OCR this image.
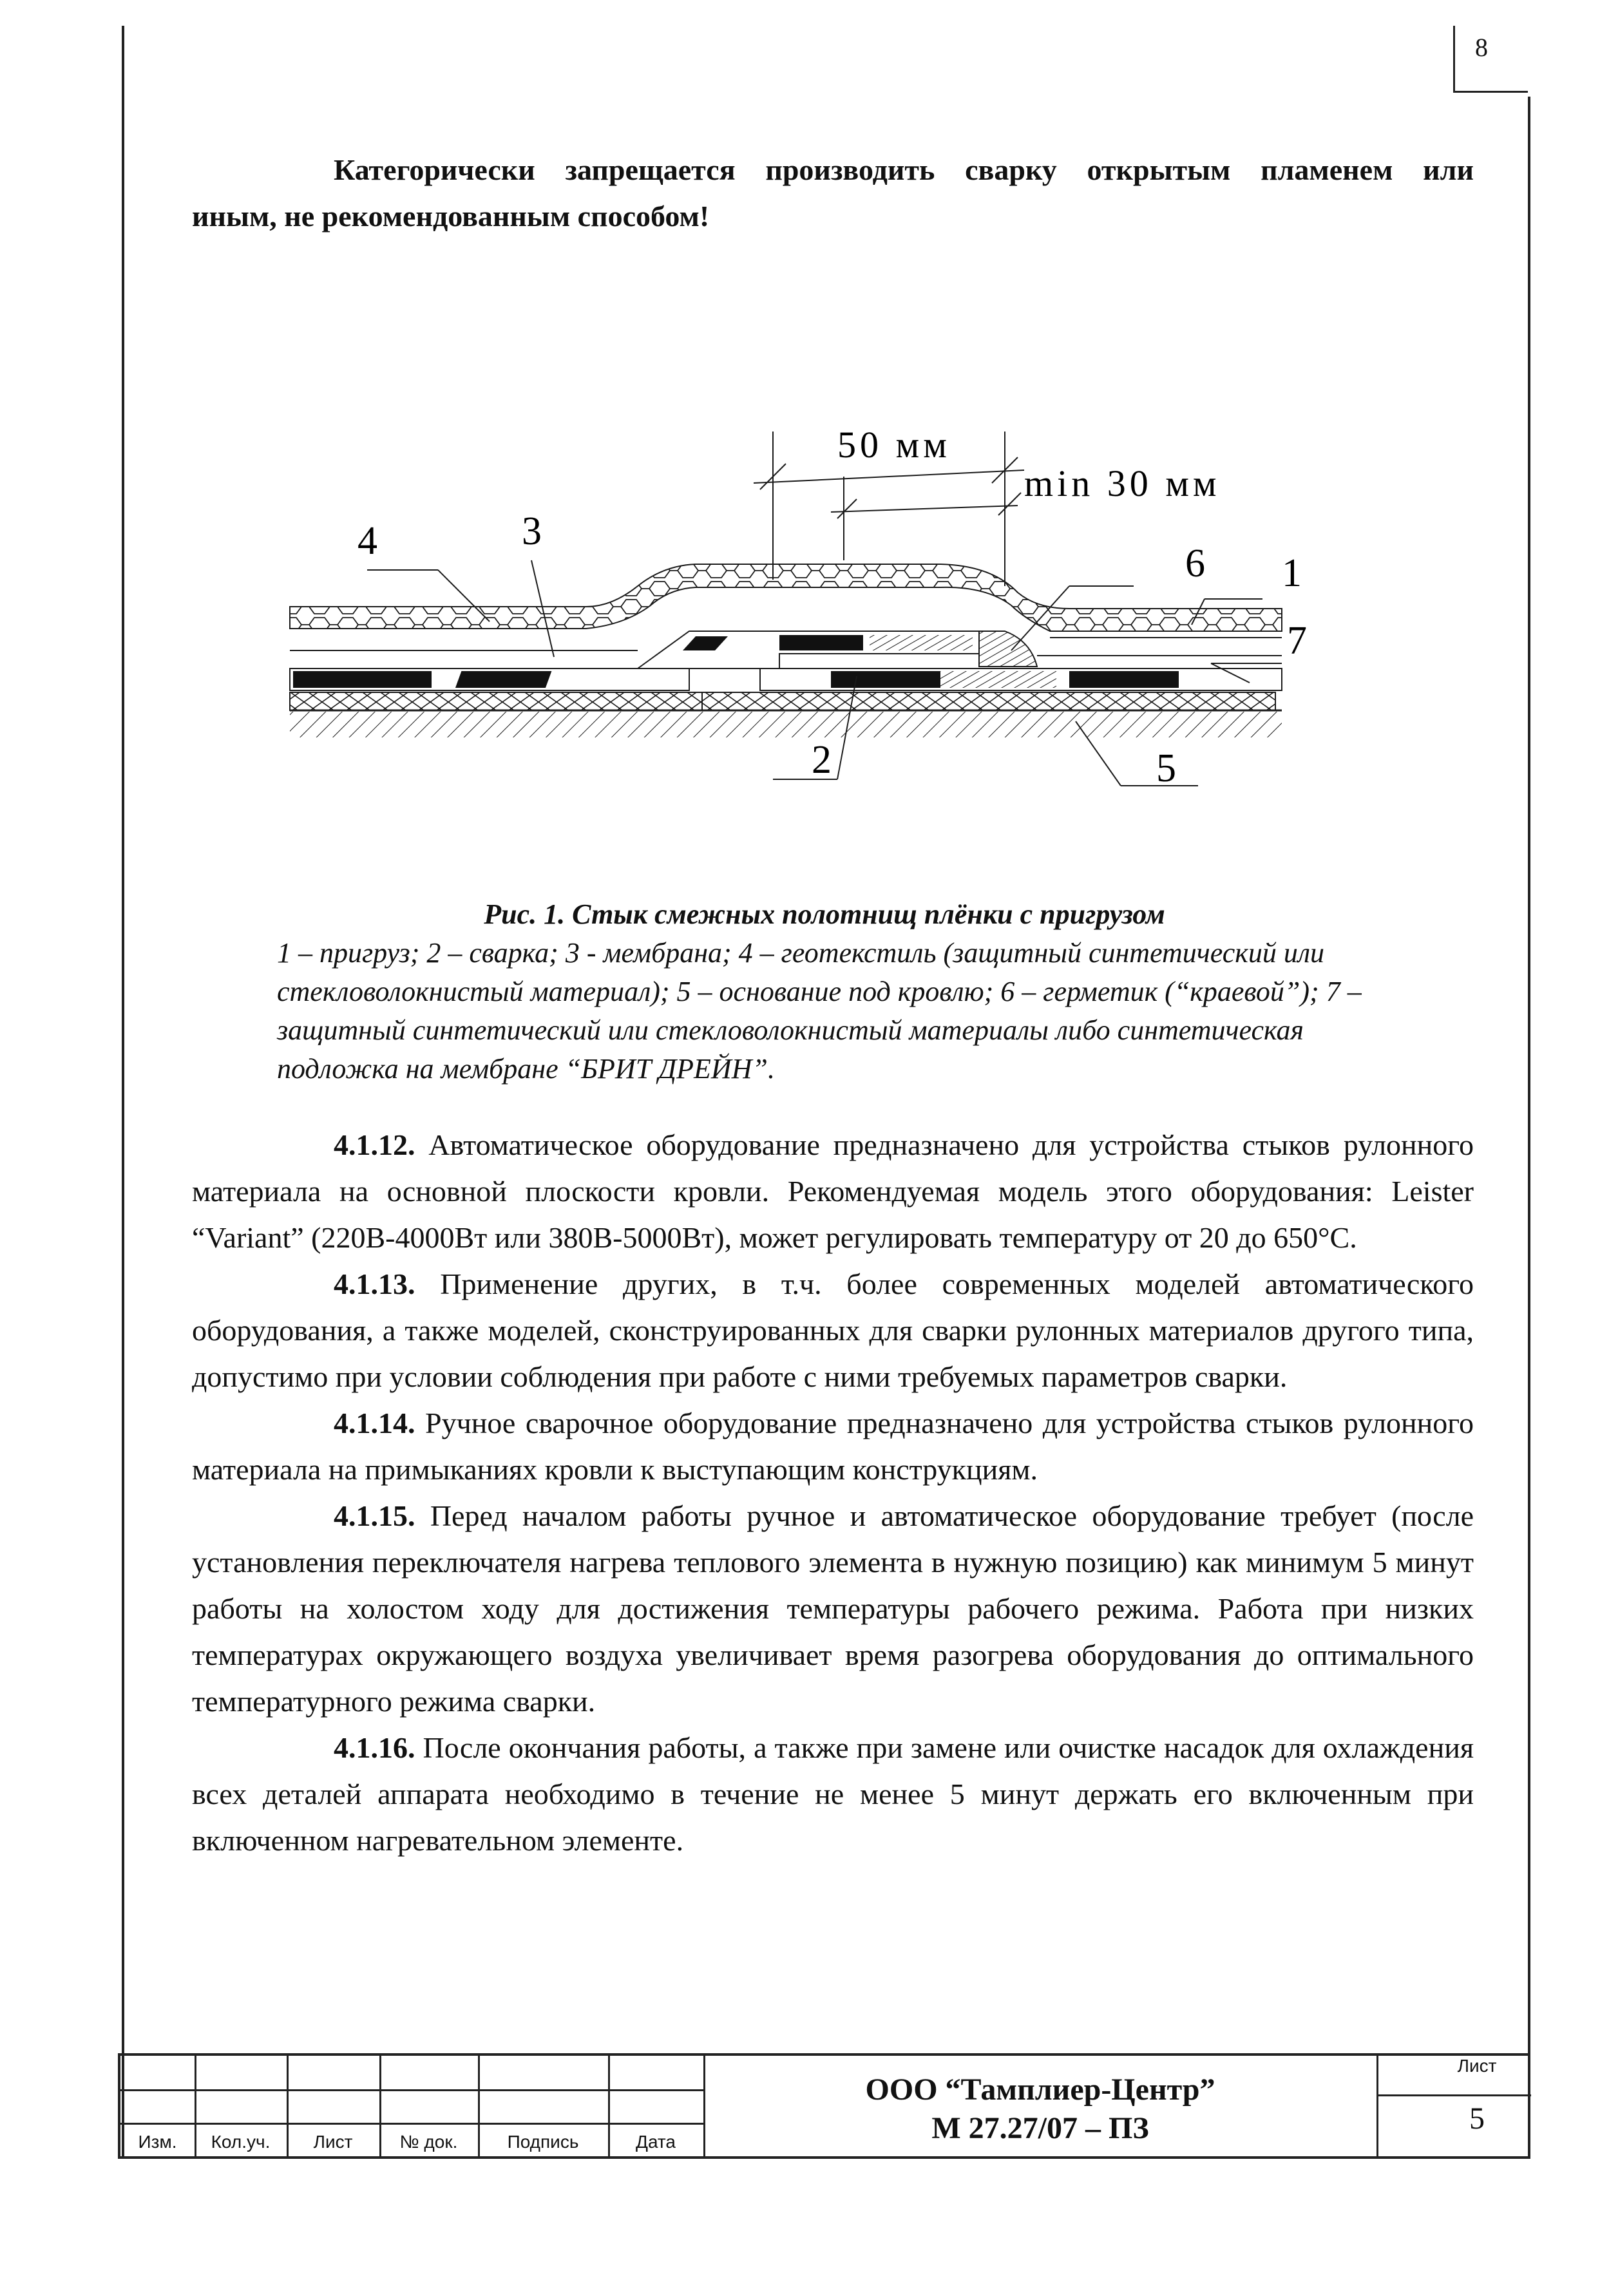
8
Категорически запрещается производить сварку открытым пламенем или
иным, не рекомендованным способом!
50 мм
min 30 мм
4	3
6 1
7
2	5
Рис. 1. Стык смежных полотнищ плёнки с пригрузом
1 – пригруз; 2 – сварка; 3 - мембрана; 4 – геотекстиль (защитный синтетический или стекловолокнистый материал); 5 – основание под кровлю; 6 – герметик (“краевой”); 7 – защитный синтетический или стекловолокнистый материалы либо синтетическая подложка на мембране “БРИТ ДРЕЙН”.

4.1.12. Автоматическое оборудование предназначено для устройства стыков рулонного материала на основной плоскости кровли. Рекомендуемая модель этого оборудования: Leister “Variant” (220В-4000Вт или 380В-5000Вт), может регулировать температуру от 20 до 650°С.

4.1.13. Применение других, в т.ч. более современных моделей автоматического оборудования, а также моделей, сконструированных для сварки рулонных материалов другого типа, допустимо при условии соблюдения при работе с ними требуемых параметров сварки.

4.1.14. Ручное сварочное оборудование предназначено для устройства стыков рулонного материала на примыканиях кровли к выступающим конструкциям.

4.1.15. Перед началом работы ручное и автоматическое оборудование требует (после установления переключателя нагрева теплового элемента в нужную позицию) как минимум 5 минут работы на холостом ходу для достижения температуры рабочего режима. Работа при низких температурах окружающего воздуха увеличивает время разогрева оборудования до оптимального температурного режима сварки.

4.1.16. После окончания работы, а также при замене или очистке насадок для охлаждения всех деталей аппарата необходимо в течение не менее 5 минут держать его включенным при включенном нагревательном элементе.

Изм.	Кол.уч.	Лист	№ док.	Подпись	Дата
ООО “Тамплиер-Центр”
М 27.27/07 – ПЗ
Лист
5
